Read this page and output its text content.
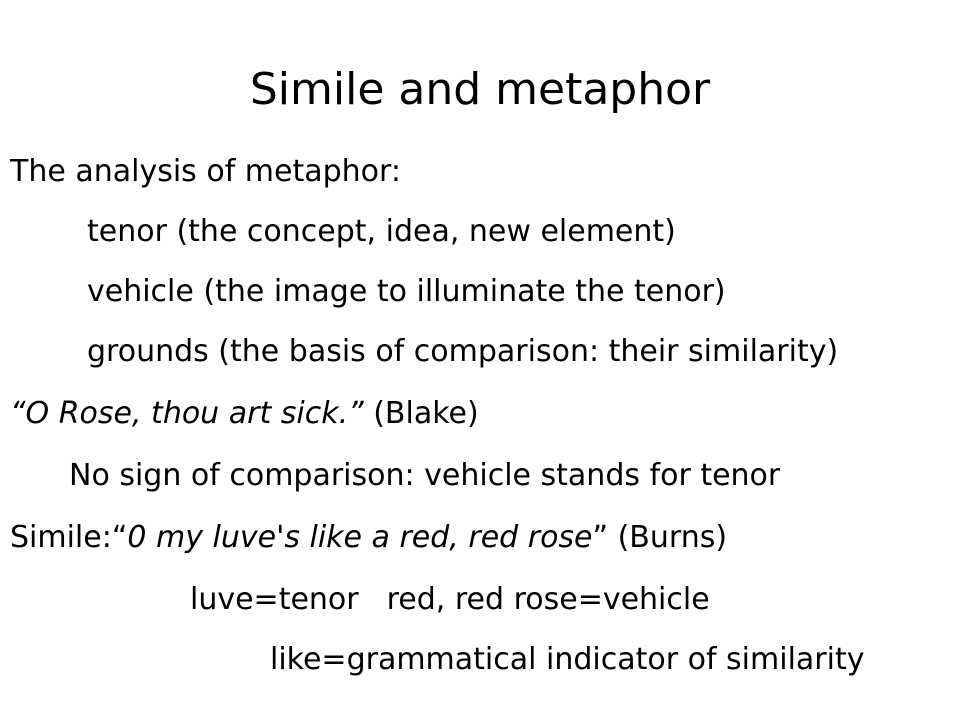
Simile and metaphor
The analysis of metaphor:
tenor (the concept, idea, new element)
vehicle (the image to illuminate the tenor)
grounds (the basis of comparison: their similarity)
“O Rose, thou art sick.” (Blake)
No sign of comparison: vehicle stands for tenor
Simile:“0 my luve's like a red, red rose” (Burns)
luve=tenor red, red rose=vehicle
like=grammatical indicator of similarity
